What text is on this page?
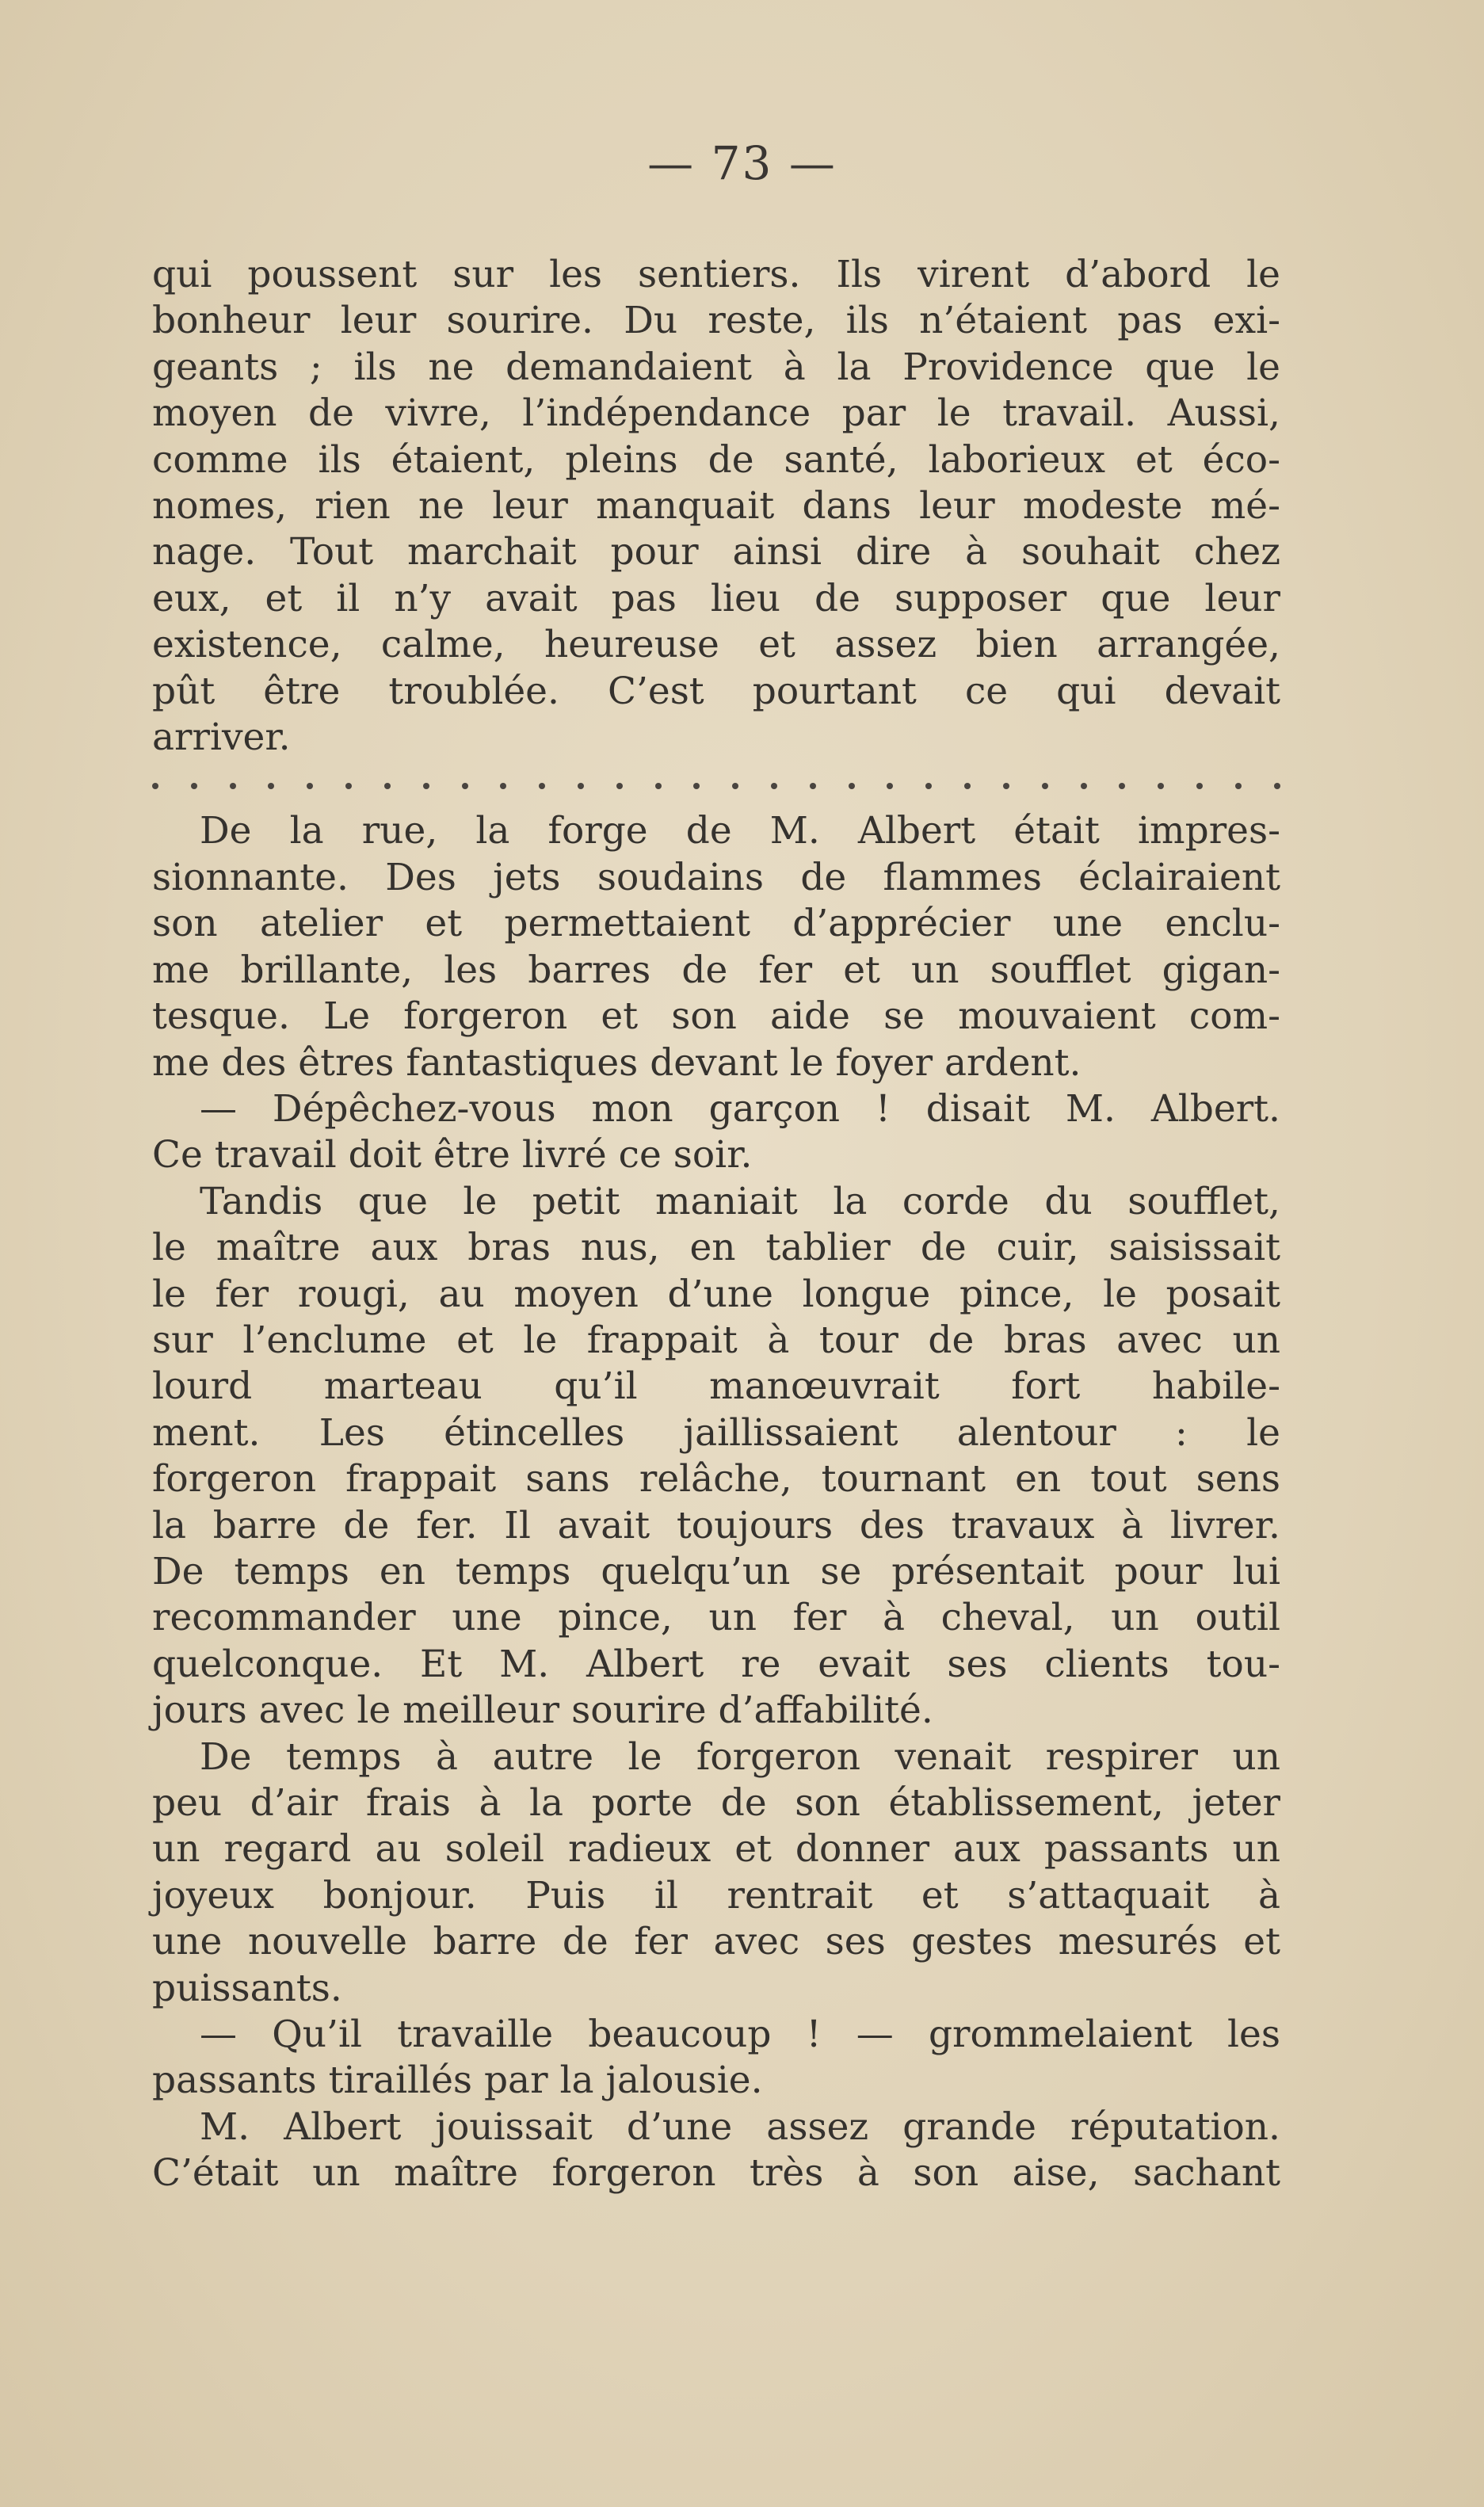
— 73 —

qui poussent sur les sentiers. Ils virent d’abord le
bonheur leur sourire. Du reste, ils n’étaient pas exi-
geants ; ils ne demandaient à la Providence que le
moyen de vivre, l’indépendance par le travail. Aussi,
comme ils étaient, pleins de santé, laborieux et éco-
nomes, rien ne leur manquait dans leur modeste mé-
nage. Tout marchait pour ainsi dire à souhait chez
eux, et il n’y avait pas lieu de supposer que leur
existence, calme, heureuse et assez bien arrangée,
pût être troublée. C’est pourtant ce qui devait
arriver.

De la rue, la forge de M. Albert était impres-
sionnante. Des jets soudains de flammes éclairaient
son atelier et permettaient d’apprécier une enclu-
me brillante, les barres de fer et un soufflet gigan-
tesque. Le forgeron et son aide se mouvaient com-
me des êtres fantastiques devant le foyer ardent.

— Dépêchez-vous mon garçon ! disait M. Albert.
Ce travail doit être livré ce soir.

Tandis que le petit maniait la corde du soufflet,
le maître aux bras nus, en tablier de cuir, saisissait
le fer rougi, au moyen d’une longue pince, le posait
sur l’enclume et le frappait à tour de bras avec un
lourd marteau qu’il manœuvrait fort habile-
ment. Les étincelles jaillissaient alentour : le
forgeron frappait sans relâche, tournant en tout sens
la barre de fer. Il avait toujours des travaux à livrer.
De temps en temps quelqu’un se présentait pour lui
recommander une pince, un fer à cheval, un outil
quelconque. Et M. Albert re evait ses clients tou-
jours avec le meilleur sourire d’affabilité.

De temps à autre le forgeron venait respirer un
peu d’air frais à la porte de son établissement, jeter
un regard au soleil radieux et donner aux passants un
joyeux bonjour. Puis il rentrait et s’attaquait à
une nouvelle barre de fer avec ses gestes mesurés et
puissants.

— Qu’il travaille beaucoup ! — grommelaient les
passants tiraillés par la jalousie.

M. Albert jouissait d’une assez grande réputation.
C’était un maître forgeron très à son aise, sachant
